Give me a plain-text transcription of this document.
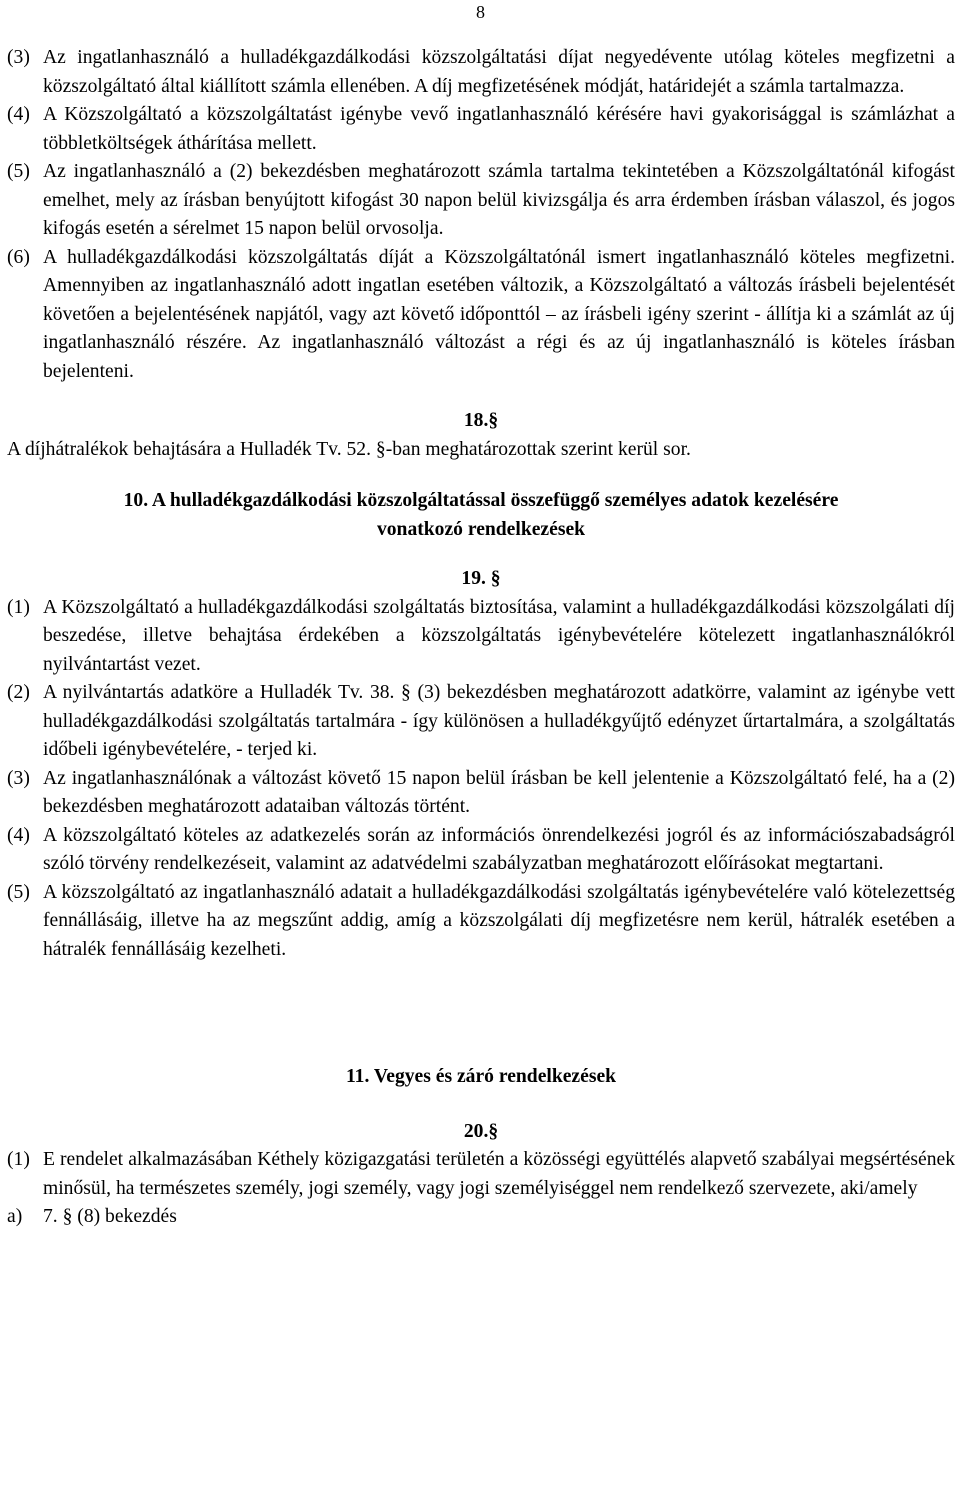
8
(3) Az ingatlanhasználó a hulladékgazdálkodási közszolgáltatási díjat negyedévente utólag köteles megfizetni a közszolgáltató által kiállított számla ellenében. A díj megfizetésének módját, határidejét a számla tartalmazza.
(4) A Közszolgáltató a közszolgáltatást igénybe vevő ingatlanhasználó kérésére havi gyakorisággal is számlázhat a többletköltségek áthárítása mellett.
(5) Az ingatlanhasználó a (2) bekezdésben meghatározott számla tartalma tekintetében a Közszolgáltatónál kifogást emelhet, mely az írásban benyújtott kifogást 30 napon belül kivizsgálja és arra érdemben írásban válaszol, és jogos kifogás esetén a sérelmet 15 napon belül orvosolja.
(6) A hulladékgazdálkodási közszolgáltatás díját a Közszolgáltatónál ismert ingatlanhasználó köteles megfizetni. Amennyiben az ingatlanhasználó adott ingatlan esetében változik, a Közszolgáltató a változás írásbeli bejelentését követően a bejelentésének napjától, vagy azt követő időponttól – az írásbeli igény szerint - állítja ki a számlát az új ingatlanhasználó részére. Az ingatlanhasználó változást a régi és az új ingatlanhasználó is köteles írásban bejelenteni.
18.§
A díjhátralékok behajtására a Hulladék Tv. 52. §-ban meghatározottak szerint kerül sor.
10. A hulladékgazdálkodási közszolgáltatással összefüggő személyes adatok kezelésére
vonatkozó rendelkezések
19. §
(1) A Közszolgáltató a hulladékgazdálkodási szolgáltatás biztosítása, valamint a hulladékgazdálkodási közszolgálati díj beszedése, illetve behajtása érdekében a közszolgáltatás igénybevételére kötelezett ingatlanhasználókról nyilvántartást vezet.
(2) A nyilvántartás adatköre a Hulladék Tv. 38. § (3) bekezdésben meghatározott adatkörre, valamint az igénybe vett hulladékgazdálkodási szolgáltatás tartalmára - így különösen a hulladékgyűjtő edényzet űrtartalmára, a szolgáltatás időbeli igénybevételére, - terjed ki.
(3) Az ingatlanhasználónak a változást követő 15 napon belül írásban be kell jelentenie a Közszolgáltató felé, ha a (2) bekezdésben meghatározott adataiban változás történt.
(4) A közszolgáltató köteles az adatkezelés során az információs önrendelkezési jogról és az információszabadságról szóló törvény rendelkezéseit, valamint az adatvédelmi szabályzatban meghatározott előírásokat megtartani.
(5) A közszolgáltató az ingatlanhasználó adatait a hulladékgazdálkodási szolgáltatás igénybevételére való kötelezettség fennállásáig, illetve ha az megszűnt addig, amíg a közszolgálati díj megfizetésre nem kerül, hátralék esetében a hátralék fennállásáig kezelheti.
11. Vegyes és záró rendelkezések
20.§
(1) E rendelet alkalmazásában Kéthely közigazgatási területén a közösségi együttélés alapvető szabályai megsértésének minősül, ha természetes személy, jogi személy, vagy jogi személyiséggel nem rendelkező szervezete, aki/amely
a)	7. § (8) bekezdés
